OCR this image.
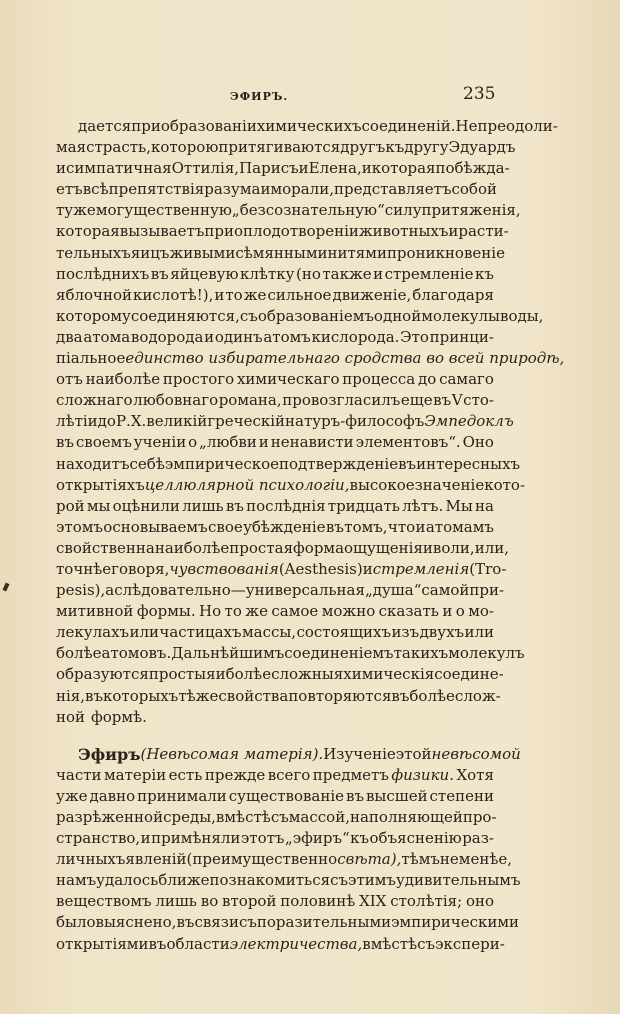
ЭФИРЪ.	235
дается при образованіи химическихъ соединеній. Непреодоли-
мая страсть, которою притягиваются другъ къ другу Эдуардъ
и симпатичная Оттилія, Парисъ и Елена, и которая побѣжда-
етъ всѣ препятствія разума и морали, представляетъ собой
ту же могущественную „безсознательную“ силу притяженія,
которая вызываетъ при оплодотвореніи животныхъ и расти-
тельныхъ яицъ живыми сѣмянными нитями проникновеніе
послѣднихъ въ яйцевую клѣтку (но также и стремленіе къ
яблочной кислотѣ!), и то же сильное движеніе, благодаря
которому соединяются, съ образованіемъ одной молекулы воды,
два атома водорода и одинъ атомъ кислорода. Это принци-
піальное единство избирательнаго сродства во всей природѣ,
отъ наиболѣе простого химическаго процесса до самаго
сложнаго любовнаго романа, провозгласилъ еще въ V сто-
лѣтіи до Р. Х. великій греческій натуръ-философъ Эмпедоклъ
въ своемъ ученіи о „любви и ненависти элементовъ“. Оно
находитъ себѣ эмпирическое подтвержденіе въ интересныхъ
открытіяхъ целлюлярной психологіи, высокое значеніе кото-
рой мы оцѣнили лишь въ послѣднія тридцать лѣтъ. Мы на
этомъ основываемъ свое убѣжденіе въ томъ, что и атомамъ
свойственна наиболѣе простая форма ощущенія и воли, или,
точнѣе говоря, чувствованія (Aesthesis) и стремленія (Tro-
pesis), а слѣдовательно—универсальная „душа“ самой при-
митивной формы. Но то же самое можно сказать и о мо-
лекулахъ или частицахъ массы, состоящихъ изъ двухъ или
болѣе атомовъ. Дальнѣйшимъ соединеніемъ такихъ молекулъ
образуются простыя и болѣе сложныя химическія соедине-
нія, въ которыхъ тѣ же свойства повторяются въ болѣе слож-
ной формѣ.
Эфиръ (Невѣсомая матерія). Изученіе этой невѣсомой
части матеріи есть прежде всего предметъ физики. Хотя
уже давно принимали существованіе въ высшей степени
разрѣженной среды, вмѣстѣ съ массой, наполняющей про-
странство, и примѣняли этотъ „эфиръ“ къ объясненію раз-
личныхъ явленій (преимущественно свѣта), тѣмъ не менѣе,
намъ удалось ближе познакомиться съ этимъ удивительнымъ
веществомъ лишь во второй половинѣ XIX столѣтія; оно
было выяснено, въ связи съ поразительными эмпирическими
открытіями въ области электричества, вмѣстѣ съ экспери-
